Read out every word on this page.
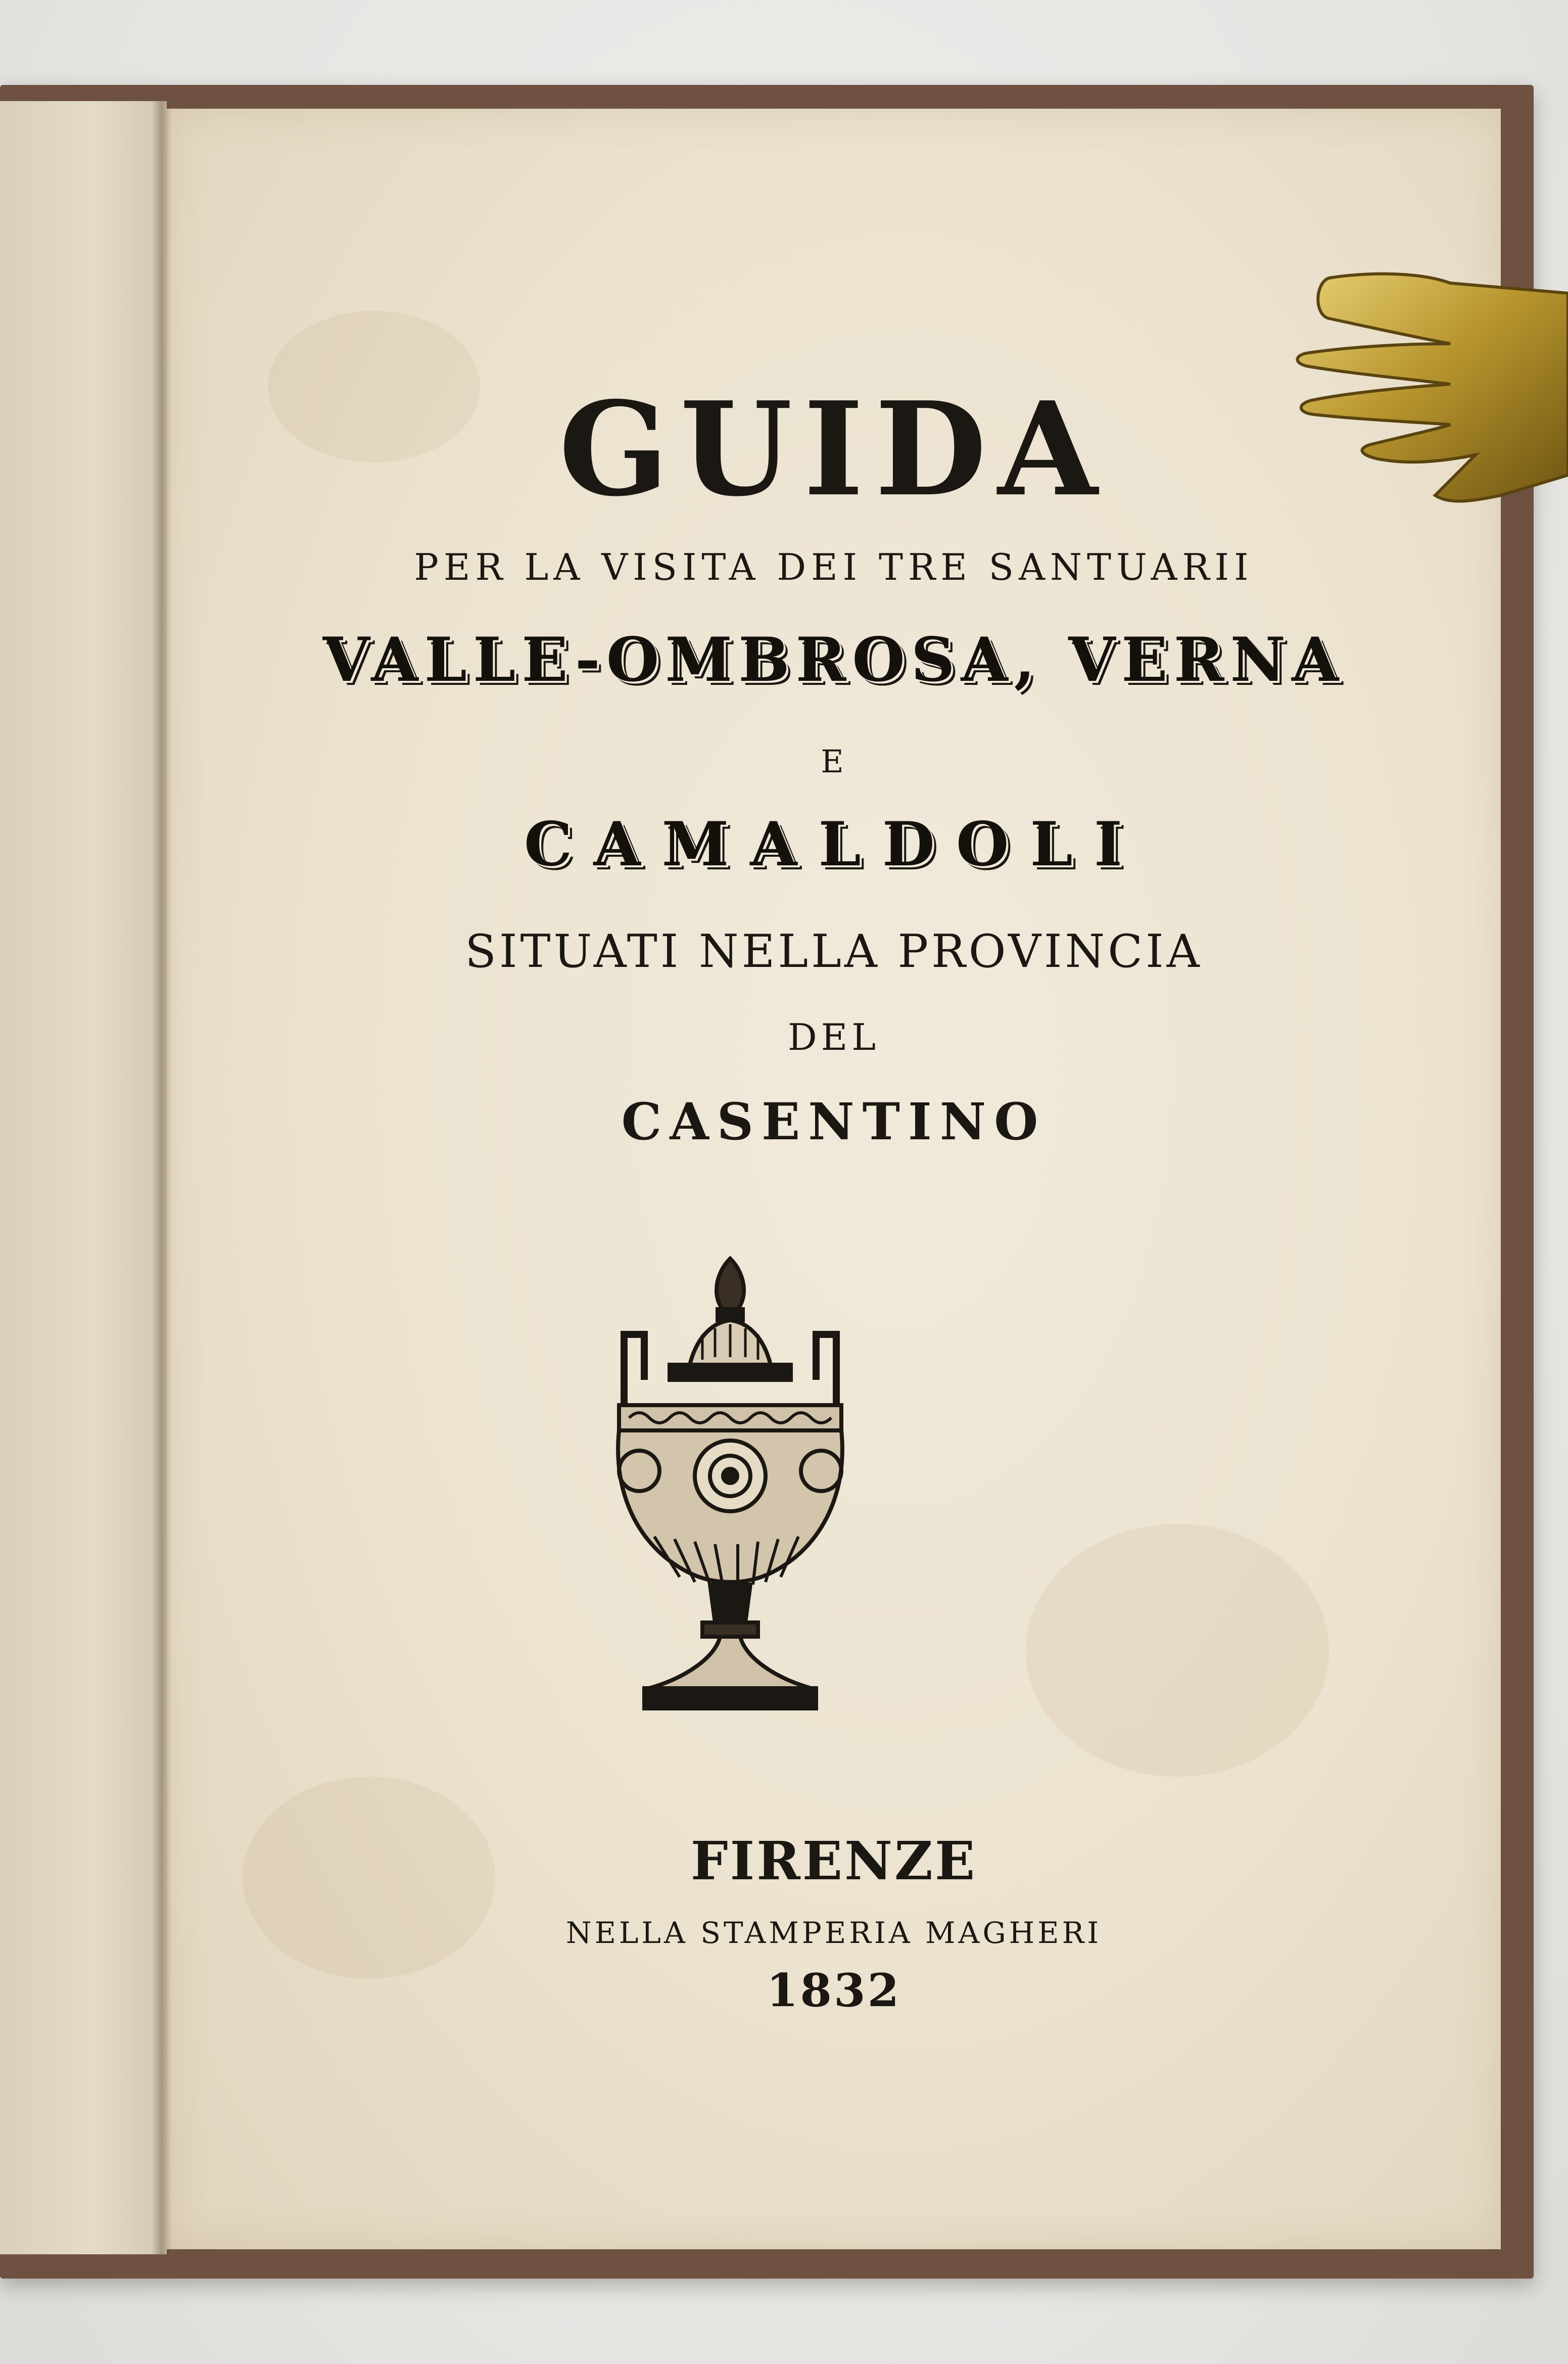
GUIDA
PER LA VISITA DEI TRE SANTUARII
VALLE-OMBROSA, VERNA
E
CAMALDOLI
SITUATI NELLA PROVINCIA
DEL
CASENTINO
FIRENZE
NELLA STAMPERIA MAGHERI
1832
